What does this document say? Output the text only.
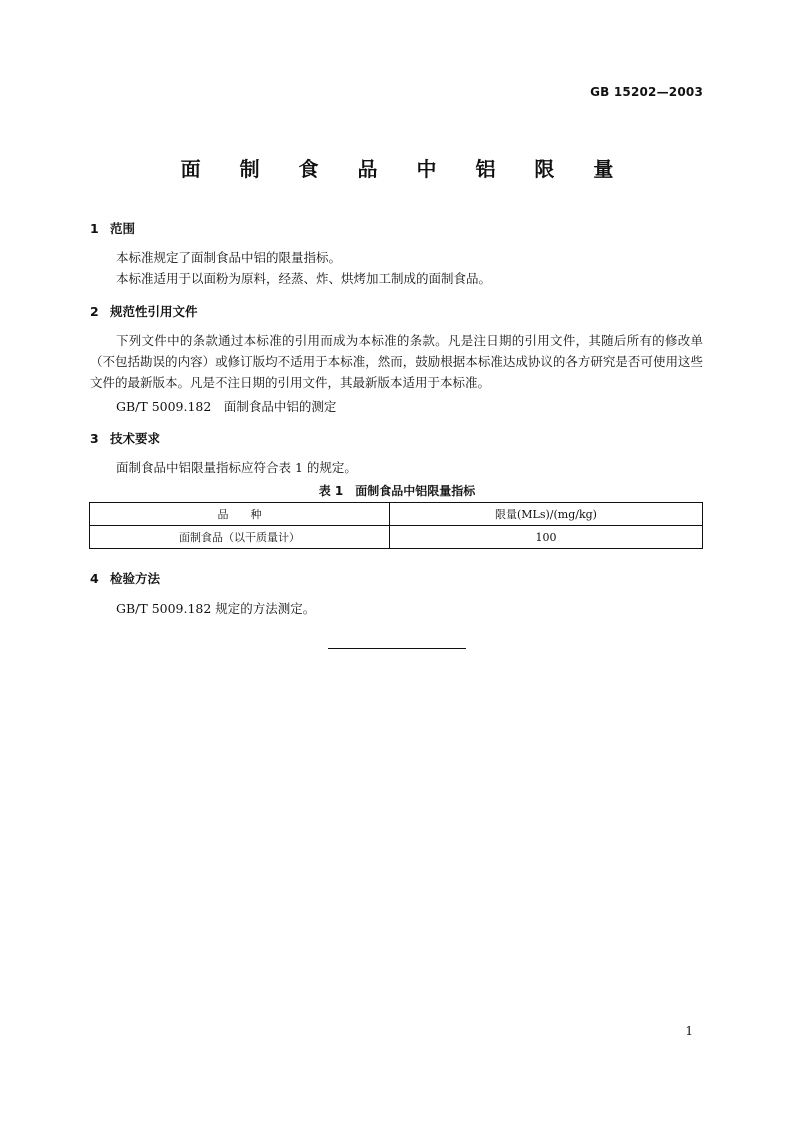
GB 15202—2003
面 制 食 品 中 铝 限 量
1 范围
本标准规定了面制食品中铝的限量指标。
本标准适用于以面粉为原料，经蒸、炸、烘烤加工制成的面制食品。
2 规范性引用文件
下列文件中的条款通过本标准的引用而成为本标准的条款。凡是注日期的引用文件，其随后所有的修改单（不包括勘误的内容）或修订版均不适用于本标准，然而，鼓励根据本标准达成协议的各方研究是否可使用这些文件的最新版本。凡是不注日期的引用文件，其最新版本适用于本标准。
GB/T 5009.182　面制食品中铝的测定
3 技术要求
面制食品中铝限量指标应符合表 1 的规定。
表 1　面制食品中铝限量指标
品　　种	限量(MLs)/(mg/kg)
面制食品（以干质量计）	100
4 检验方法
GB/T 5009.182 规定的方法测定。
1
